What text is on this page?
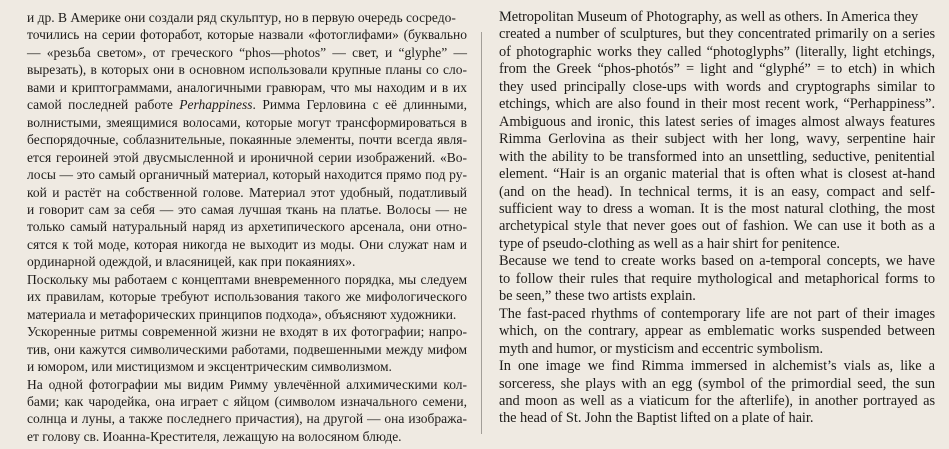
и др. В Америке они создали ряд скульптур, но в первую очередь сосредо-
точились на серии фоторабот, которые назвали «фотоглифами» (буквально
— «резьба светом», от греческого “phos—photos” — свет, и “glyphe” —
вырезать), в которых они в основном использовали крупные планы со сло-
вами и криптограммами, аналогичными гравюрам, что мы находим и в их
самой последней работе Perhappiness. Римма Герловина с её длинными,
волнистыми, змеящимися волосами, которые могут трансформироваться в
беспорядочные, соблазнительные, покаянные элементы, почти всегда явля-
ется героиней этой двусмысленной и ироничной серии изображений. «Во-
лосы — это самый органичный материал, который находится прямо под ру-
кой и растёт на собственной голове. Материал этот удобный, податливый
и говорит сам за себя — это самая лучшая ткань на платье. Волосы — не
только самый натуральный наряд из архетипического арсенала, они отно-
сятся к той моде, которая никогда не выходит из моды. Они служат нам и
ординарной одеждой, и власяницей, как при покаяниях».
Поскольку мы работаем с концептами вневременного порядка, мы следуем
их правилам, которые требуют использования такого же мифологического
материала и метафорических принципов подхода», объясняют художники.
Ускоренные ритмы современной жизни не входят в их фотографии; напро-
тив, они кажутся символическими работами, подвешенными между мифом
и юмором, или мистицизмом и эксцентрическим символизмом.
На одной фотографии мы видим Римму увлечённой алхимическими кол-
бами; как чародейка, она играет с яйцом (символом изначального семени,
солнца и луны, а также последнего причастия), на другой — она изобража-
ет голову св. Иоанна-Крестителя, лежащую на волосяном блюде.
Metropolitan Museum of Photography, as well as others. In America they
created a number of sculptures, but they concentrated primarily on a series
of photographic works they called “photoglyphs” (literally, light etchings,
from the Greek “phos-photós” = light and “glyphé” = to etch) in which
they used principally close-ups with words and cryptographs similar to
etchings, which are also found in their most recent work, “Perhappiness”.
Ambiguous and ironic, this latest series of images almost always features
Rimma Gerlovina as their subject with her long, wavy, serpentine hair
with the ability to be transformed into an unsettling, seductive, penitential
element. “Hair is an organic material that is often what is closest at-hand
(and on the head). In technical terms, it is an easy, compact and self-
sufficient way to dress a woman. It is the most natural clothing, the most
archetypical style that never goes out of fashion. We can use it both as a
type of pseudo-clothing as well as a hair shirt for penitence.
Because we tend to create works based on a-temporal concepts, we have
to follow their rules that require mythological and metaphorical forms to
be seen,” these two artists explain.
The fast-paced rhythms of contemporary life are not part of their images
which, on the contrary, appear as emblematic works suspended between
myth and humor, or mysticism and eccentric symbolism.
In one image we find Rimma immersed in alchemist’s vials as, like a
sorceress, she plays with an egg (symbol of the primordial seed, the sun
and moon as well as a viaticum for the afterlife), in another portrayed as
the head of St. John the Baptist lifted on a plate of hair.
